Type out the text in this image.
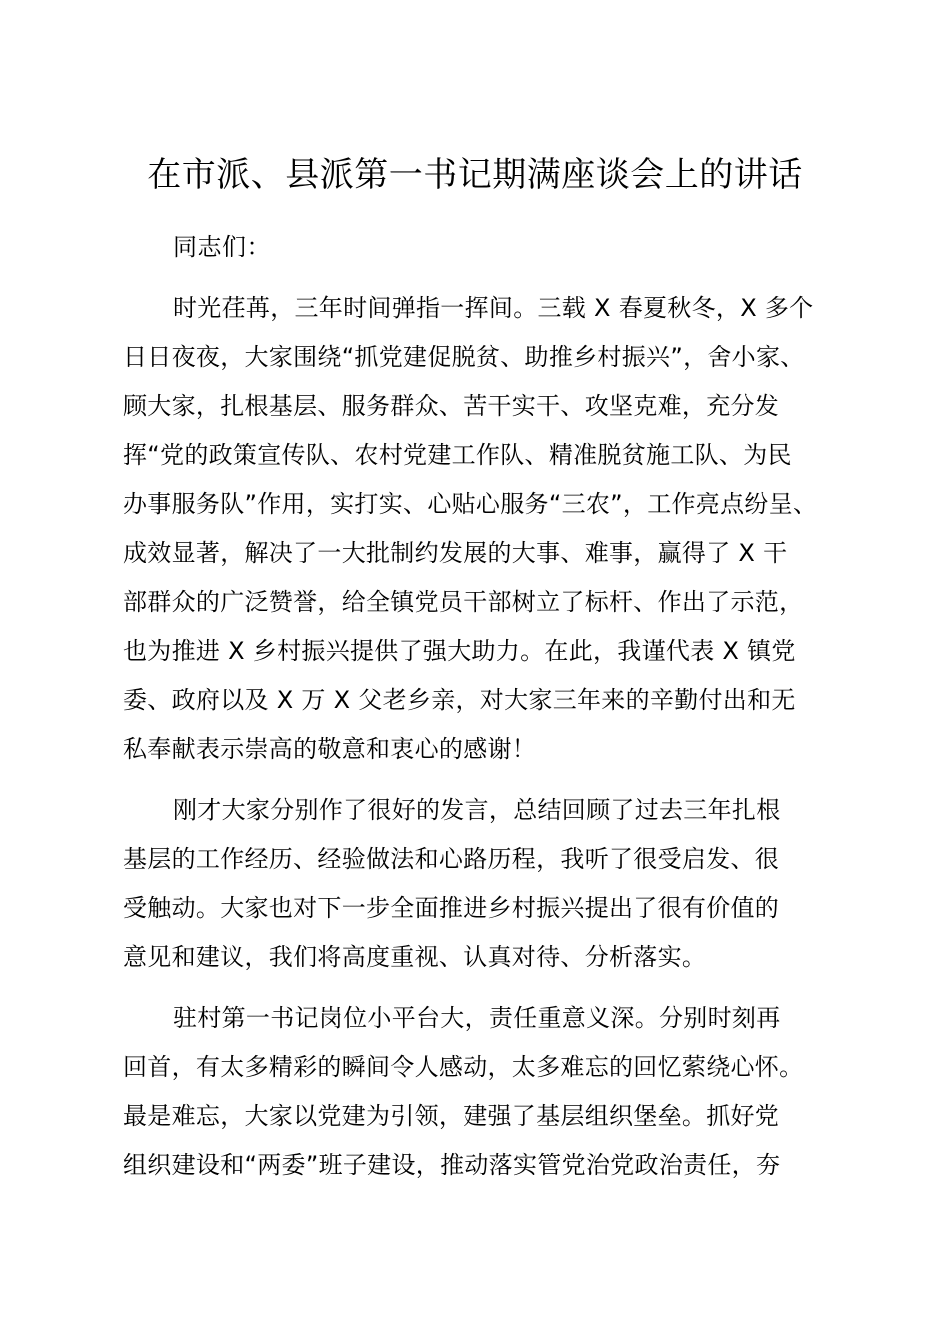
在市派、县派第一书记期满座谈会上的讲话

同志们：

时光荏苒，三年时间弹指一挥间。三载 X 春夏秋冬，X 多个
日日夜夜，大家围绕“抓党建促脱贫、助推乡村振兴”，舍小家、
顾大家，扎根基层、服务群众、苦干实干、攻坚克难，充分发
挥“党的政策宣传队、农村党建工作队、精准脱贫施工队、为民
办事服务队”作用，实打实、心贴心服务“三农”，工作亮点纷呈、
成效显著，解决了一大批制约发展的大事、难事，赢得了 X 干
部群众的广泛赞誉，给全镇党员干部树立了标杆、作出了示范，
也为推进 X 乡村振兴提供了强大助力。在此，我谨代表 X 镇党
委、政府以及 X 万 X 父老乡亲，对大家三年来的辛勤付出和无
私奉献表示崇高的敬意和衷心的感谢！

刚才大家分别作了很好的发言，总结回顾了过去三年扎根
基层的工作经历、经验做法和心路历程，我听了很受启发、很
受触动。大家也对下一步全面推进乡村振兴提出了很有价值的
意见和建议，我们将高度重视、认真对待、分析落实。

驻村第一书记岗位小平台大，责任重意义深。分别时刻再
回首，有太多精彩的瞬间令人感动，太多难忘的回忆萦绕心怀。
最是难忘，大家以党建为引领，建强了基层组织堡垒。抓好党
组织建设和“两委”班子建设，推动落实管党治党政治责任，夯
